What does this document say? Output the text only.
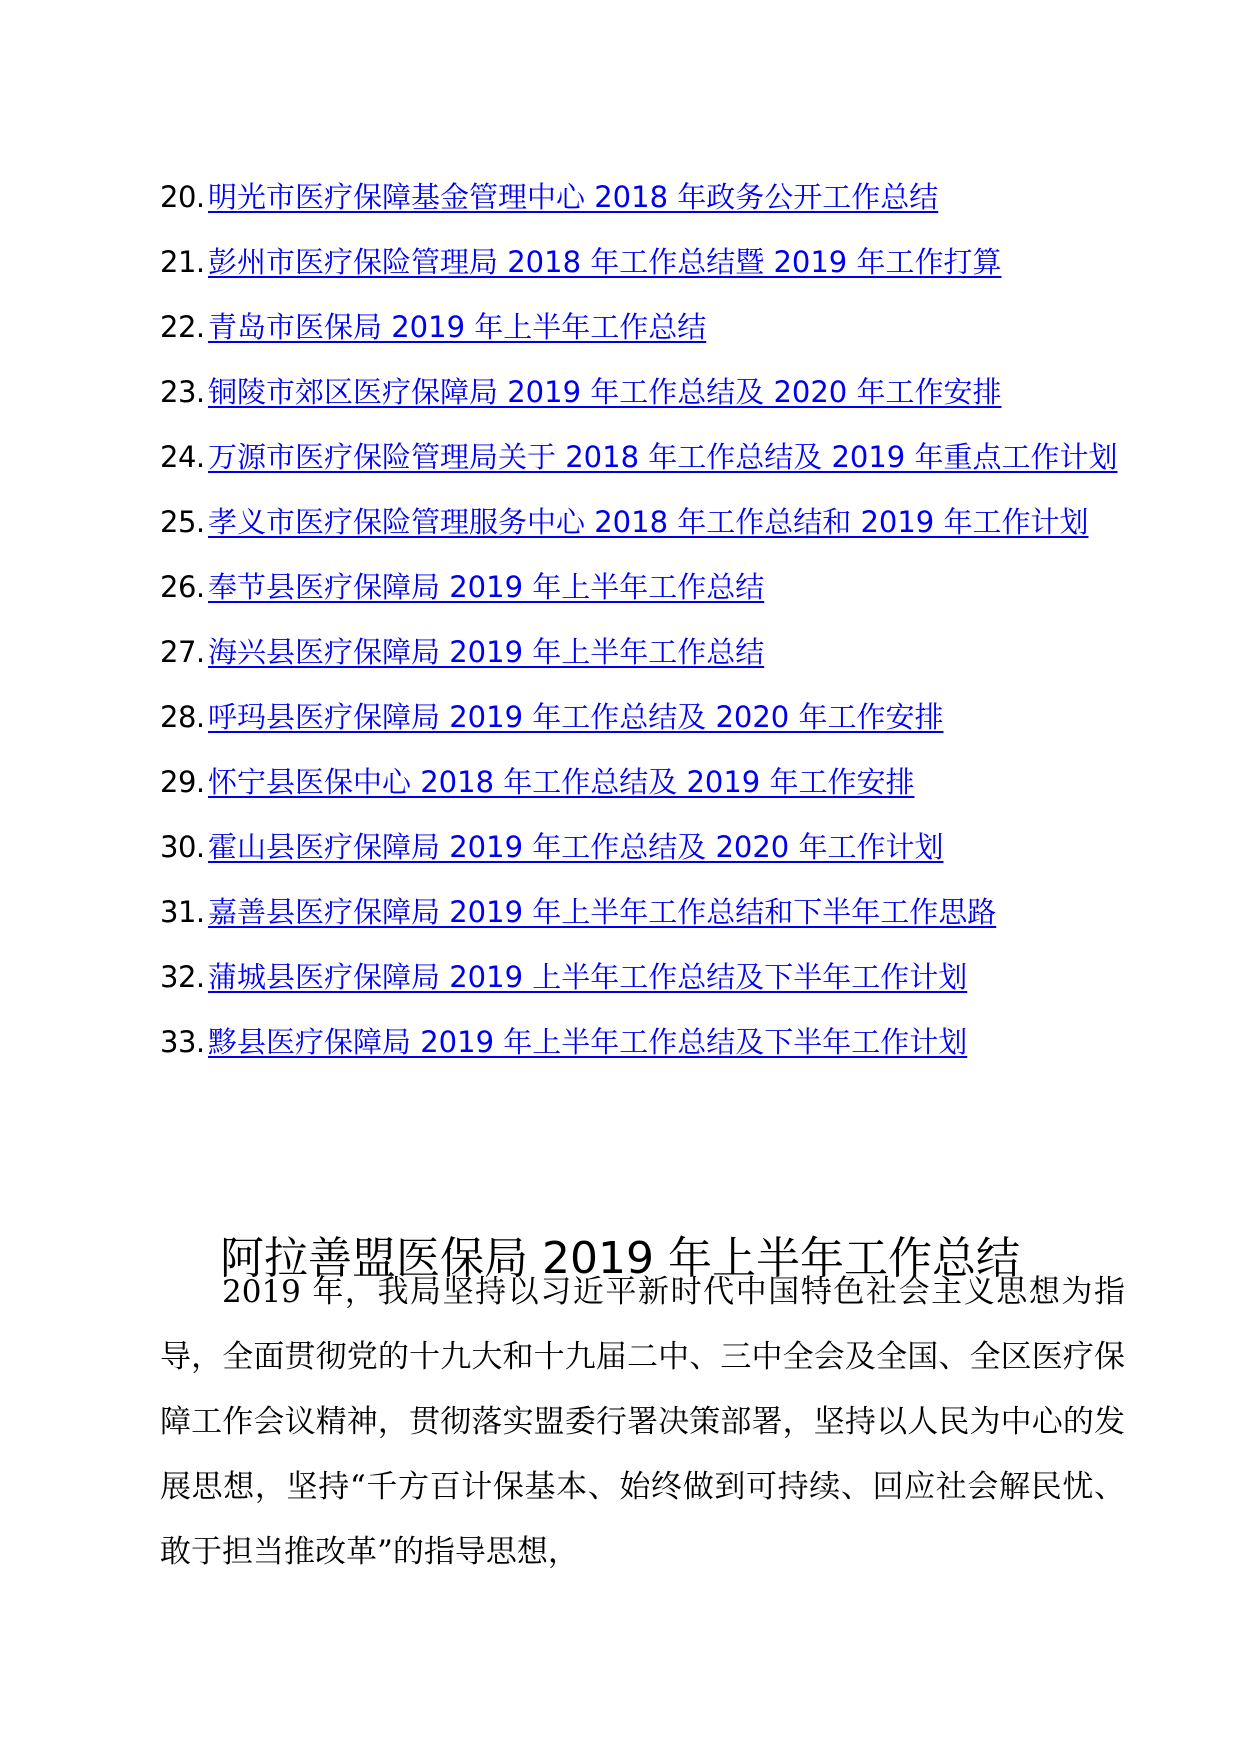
20. 明光市医疗保障基金管理中心 2018 年政务公开工作总结
21. 彭州市医疗保险管理局 2018 年工作总结暨 2019 年工作打算
22. 青岛市医保局 2019 年上半年工作总结
23. 铜陵市郊区医疗保障局 2019 年工作总结及 2020 年工作安排
24. 万源市医疗保险管理局关于 2018 年工作总结及 2019 年重点工作计划
25. 孝义市医疗保险管理服务中心 2018 年工作总结和 2019 年工作计划
26. 奉节县医疗保障局 2019 年上半年工作总结
27. 海兴县医疗保障局 2019 年上半年工作总结
28. 呼玛县医疗保障局 2019 年工作总结及 2020 年工作安排
29. 怀宁县医保中心 2018 年工作总结及 2019 年工作安排
30. 霍山县医疗保障局 2019 年工作总结及 2020 年工作计划
31. 嘉善县医疗保障局 2019 年上半年工作总结和下半年工作思路
32. 蒲城县医疗保障局 2019 上半年工作总结及下半年工作计划
33. 黟县医疗保障局 2019 年上半年工作总结及下半年工作计划
阿拉善盟医保局 2019 年上半年工作总结

2019 年，我局坚持以习近平新时代中国特色社会主义思想为指导，全面贯彻党的十九大和十九届二中、三中全会及全国、全区医疗保障工作会议精神，贯彻落实盟委行署决策部署，坚持以人民为中心的发展思想，坚持“千方百计保基本、始终做到可持续、回应社会解民忧、敢于担当推改革”的指导思想，
